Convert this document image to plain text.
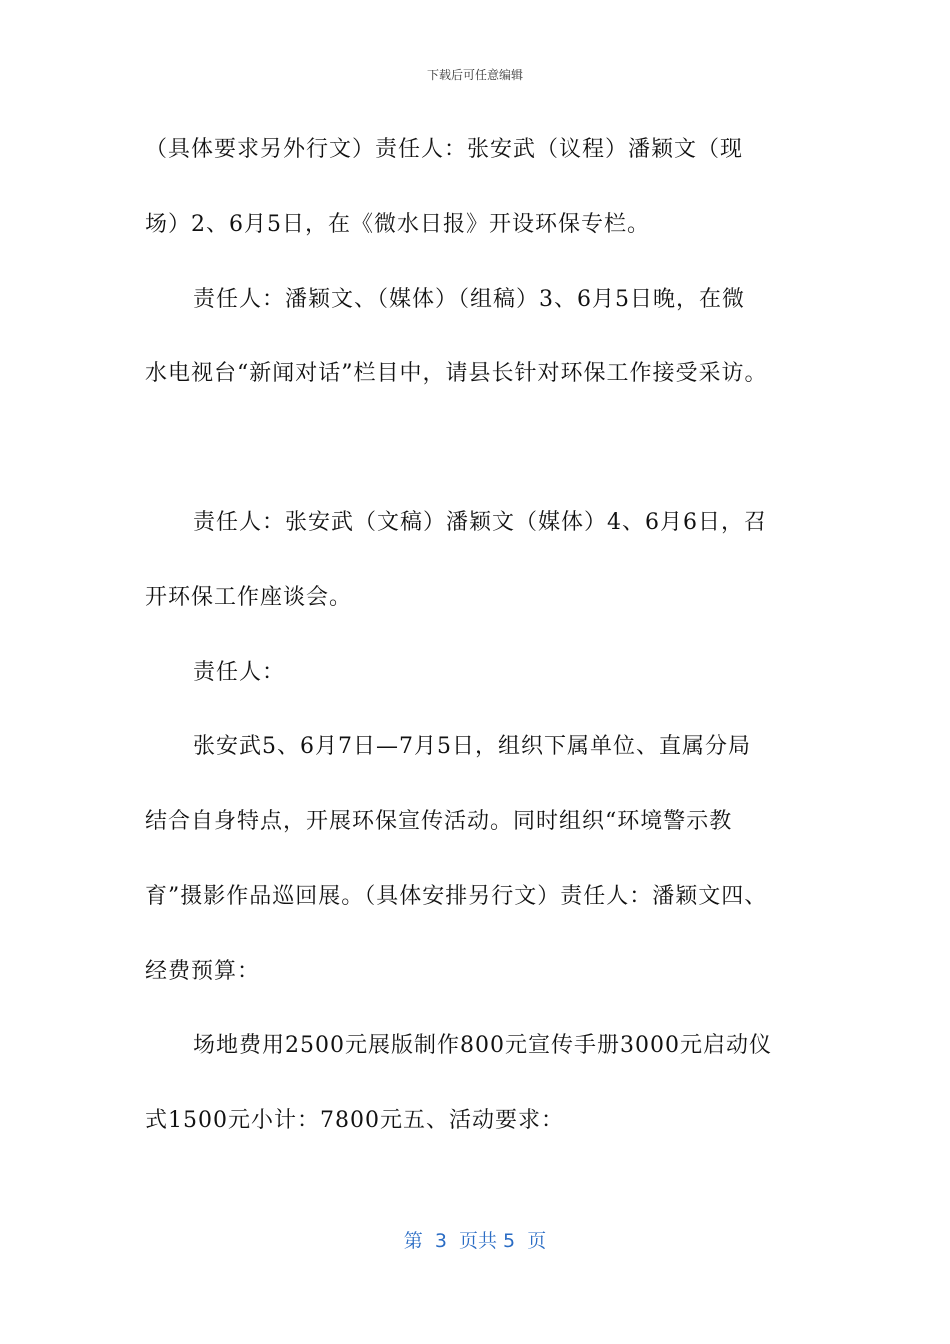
下载后可任意编辑
（具体要求另外行文）责任人：张安武（议程）潘颖文（现
场）2、6月5日，在《微水日报》开设环保专栏。
责任人：潘颖文、（媒体）（组稿）3、6月5日晚，在微
水电视台“新闻对话”栏目中，请县长针对环保工作接受采访。
责任人：张安武（文稿）潘颖文（媒体）4、6月6日，召
开环保工作座谈会。
责任人：
张安武5、6月7日—7月5日，组织下属单位、直属分局
结合自身特点，开展环保宣传活动。同时组织“环境警示教
育”摄影作品巡回展。（具体安排另行文）责任人：潘颖文四、
经费预算：
场地费用2500元展版制作800元宣传手册3000元启动仪
式1500元小计：7800元五、活动要求：
第  3  页共 5  页
